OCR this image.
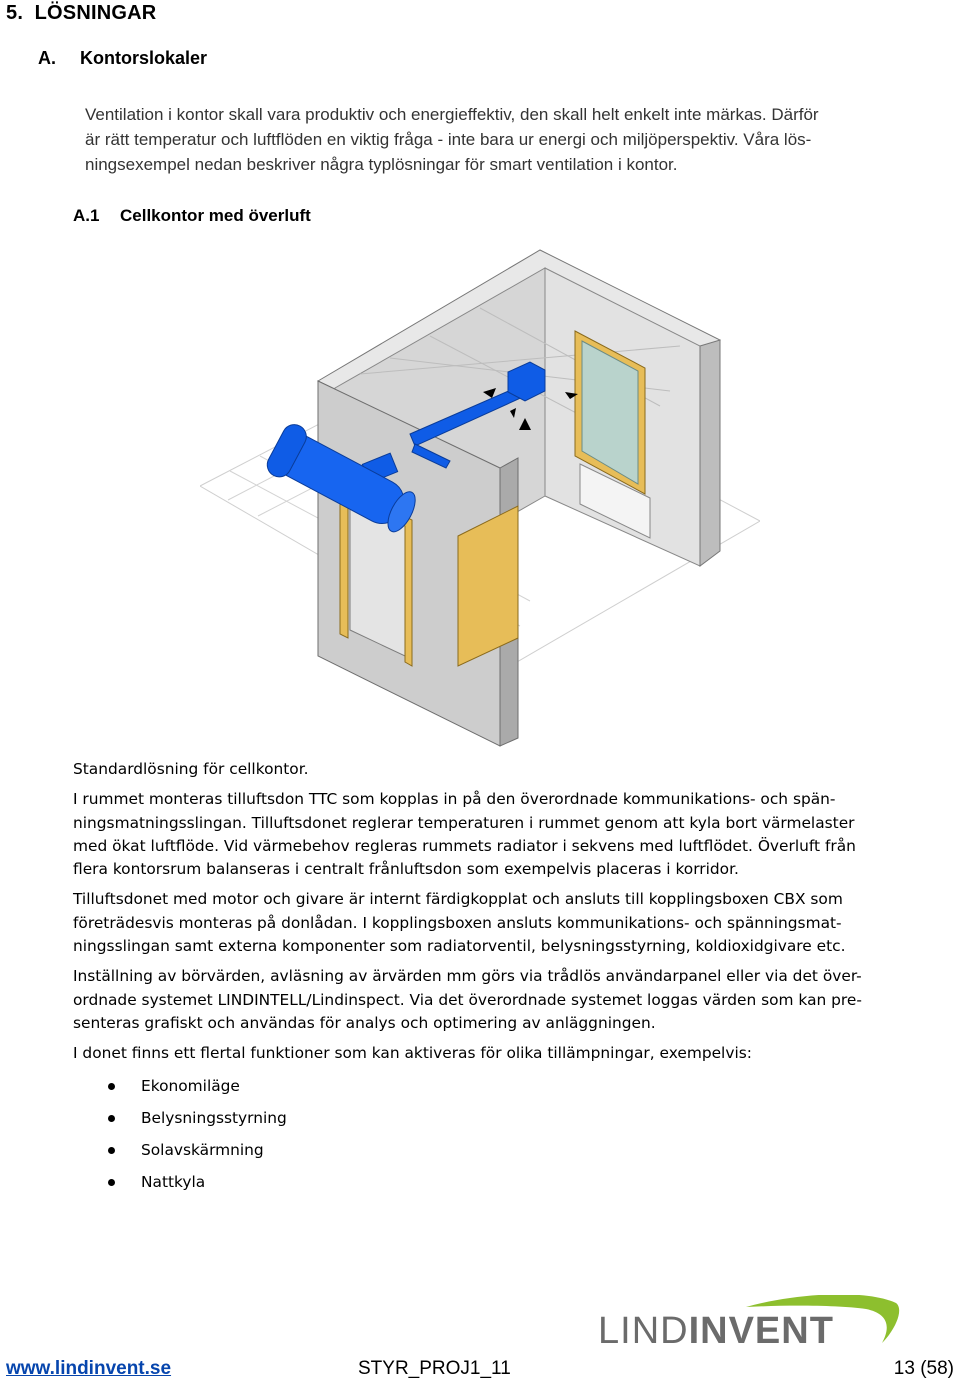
5. LÖSNINGAR
A. Kontorslokaler

Ventilation i kontor skall vara produktiv och energieffektiv, den skall helt enkelt inte märkas. Därför

är rätt temperatur och luftflöden en viktig fråga - inte bara ur energi och miljöperspektiv. Våra lös-

ningsexempel nedan beskriver några typlösningar för smart ventilation i kontor.

A.1 Cellkontor med överluft

Standardlösning för cellkontor.

I rummet monteras tilluftsdon TTC som kopplas in på den överordnade kommunikations- och spän-
ningsmatningsslingan. Tilluftsdonet reglerar temperaturen i rummet genom att kyla bort värmelaster
med ökat luftflöde. Vid värmebehov regleras rummets radiator i sekvens med luftflödet. Överluft från
flera kontorsrum balanseras i centralt frånluftsdon som exempelvis placeras i korridor.

Tilluftsdonet med motor och givare är internt färdigkopplat och ansluts till kopplingsboxen CBX som
företrädesvis monteras på donlådan. I kopplingsboxen ansluts kommunikations- och spänningsmat-
ningsslingan samt externa komponenter som radiatorventil, belysningsstyrning, koldioxidgivare etc.

Inställning av börvärden, avläsning av ärvärden mm görs via trådlös användarpanel eller via det över-
ordnade systemet LINDINTELL/Lindinspect. Via det överordnade systemet loggas värden som kan pre-
senteras grafiskt och användas för analys och optimering av anläggningen.

I donet finns ett flertal funktioner som kan aktiveras för olika tillämpningar, exempelvis:

Ekonomiläge
Belysningsstyrning
Solavskärmning
Nattkyla
LINDINVENT
www.lindinvent.se	STYR_PROJ1_11	13 (58)
